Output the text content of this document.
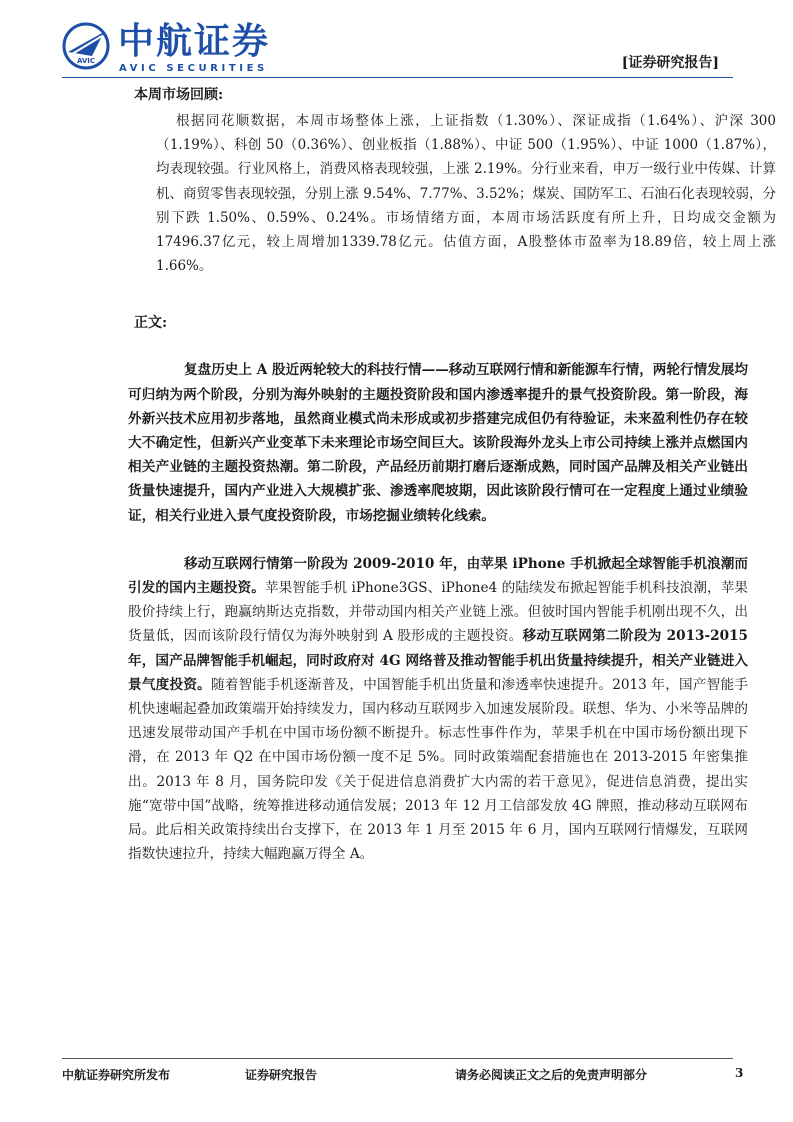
AVIC 中航证券
AVIC SECURITIES	[证券研究报告]

本周市场回顾:

根据同花顺数据，本周市场整体上涨，上证指数（1.30%）、深证成指（1.64%）、沪深 300（1.19%）、科创 50（0.36%）、创业板指（1.88%）、中证 500（1.95%）、中证 1000（1.87%），均表现较强。行业风格上，消费风格表现较强，上涨 2.19%。分行业来看，申万一级行业中传媒、计算机、商贸零售表现较强，分别上涨 9.54%、7.77%、3.52%；煤炭、国防军工、石油石化表现较弱，分别下跌 1.50%、0.59%、0.24%。市场情绪方面，本周市场活跃度有所上升，日均成交金额为17496.37亿元，较上周增加1339.78亿元。估值方面，A股整体市盈率为18.89倍，较上周上涨1.66%。

正文:

复盘历史上 A 股近两轮较大的科技行情——移动互联网行情和新能源车行情，两轮行情发展均可归纳为两个阶段，分别为海外映射的主题投资阶段和国内渗透率提升的景气投资阶段。第一阶段，海外新兴技术应用初步落地，虽然商业模式尚未形成或初步搭建完成但仍有待验证，未来盈利性仍存在较大不确定性，但新兴产业变革下未来理论市场空间巨大。该阶段海外龙头上市公司持续上涨并点燃国内相关产业链的主题投资热潮。第二阶段，产品经历前期打磨后逐渐成熟，同时国产品牌及相关产业链出货量快速提升，国内产业进入大规模扩张、渗透率爬坡期，因此该阶段行情可在一定程度上通过业绩验证，相关行业进入景气度投资阶段，市场挖掘业绩转化线索。

移动互联网行情第一阶段为 2009-2010 年，由苹果 iPhone 手机掀起全球智能手机浪潮而引发的国内主题投资。苹果智能手机 iPhone3GS、iPhone4 的陆续发布掀起智能手机科技浪潮，苹果股价持续上行，跑赢纳斯达克指数，并带动国内相关产业链上涨。但彼时国内智能手机刚出现不久，出货量低，因而该阶段行情仅为海外映射到 A 股形成的主题投资。移动互联网第二阶段为 2013-2015 年，国产品牌智能手机崛起，同时政府对 4G 网络普及推动智能手机出货量持续提升，相关产业链进入景气度投资。随着智能手机逐渐普及，中国智能手机出货量和渗透率快速提升。2013 年，国产智能手机快速崛起叠加政策端开始持续发力，国内移动互联网步入加速发展阶段。联想、华为、小米等品牌的迅速发展带动国产手机在中国市场份额不断提升。标志性事件作为，苹果手机在中国市场份额出现下滑，在 2013 年 Q2 在中国市场份额一度不足 5%。同时政策端配套措施也在 2013-2015 年密集推出。2013 年 8 月，国务院印发《关于促进信息消费扩大内需的若干意见》，促进信息消费，提出实施“宽带中国”战略，统筹推进移动通信发展；2013 年 12 月工信部发放 4G 牌照，推动移动互联网布局。此后相关政策持续出台支撑下，在 2013 年 1 月至 2015 年 6 月，国内互联网行情爆发，互联网指数快速拉升，持续大幅跑赢万得全 A。

中航证券研究所发布	证券研究报告	请务必阅读正文之后的免责声明部分	3
